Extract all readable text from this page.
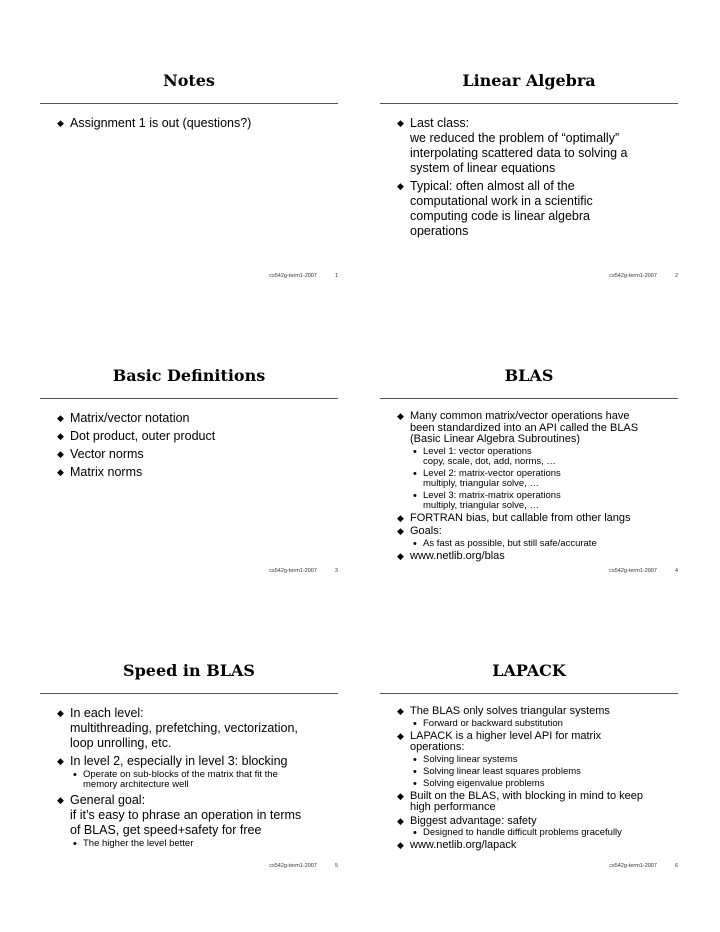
Notes
◆ Assignment 1 is out (questions?)
cs542g-term1-2007	1
Linear Algebra
◆ Last class:
we reduced the problem of “optimally”
interpolating scattered data to solving a
system of linear equations
◆ Typical: often almost all of the
computational work in a scientific
computing code is linear algebra
operations
cs542g-term1-2007	2
Basic Definitions
◆ Matrix/vector notation
◆ Dot product, outer product
◆ Vector norms
◆ Matrix norms
cs542g-term1-2007	3
BLAS
◆ Many common matrix/vector operations have
been standardized into an API called the BLAS
(Basic Linear Algebra Subroutines)
• Level 1: vector operations
copy, scale, dot, add, norms, …
• Level 2: matrix-vector operations
multiply, triangular solve, …
• Level 3: matrix-matrix operations
multiply, triangular solve, …
◆ FORTRAN bias, but callable from other langs
◆ Goals:
• As fast as possible, but still safe/accurate
◆ www.netlib.org/blas
cs542g-term1-2007	4
Speed in BLAS
◆ In each level:
multithreading, prefetching, vectorization,
loop unrolling, etc.
◆ In level 2, especially in level 3: blocking
• Operate on sub-blocks of the matrix that fit the
memory architecture well
◆ General goal:
if it’s easy to phrase an operation in terms
of BLAS, get speed+safety for free
• The higher the level better
cs542g-term1-2007	5
LAPACK
◆ The BLAS only solves triangular systems
• Forward or backward substitution
◆ LAPACK is a higher level API for matrix
operations:
• Solving linear systems
• Solving linear least squares problems
• Solving eigenvalue problems
◆ Built on the BLAS, with blocking in mind to keep
high performance
◆ Biggest advantage: safety
• Designed to handle difficult problems gracefully
◆ www.netlib.org/lapack
cs542g-term1-2007	6
